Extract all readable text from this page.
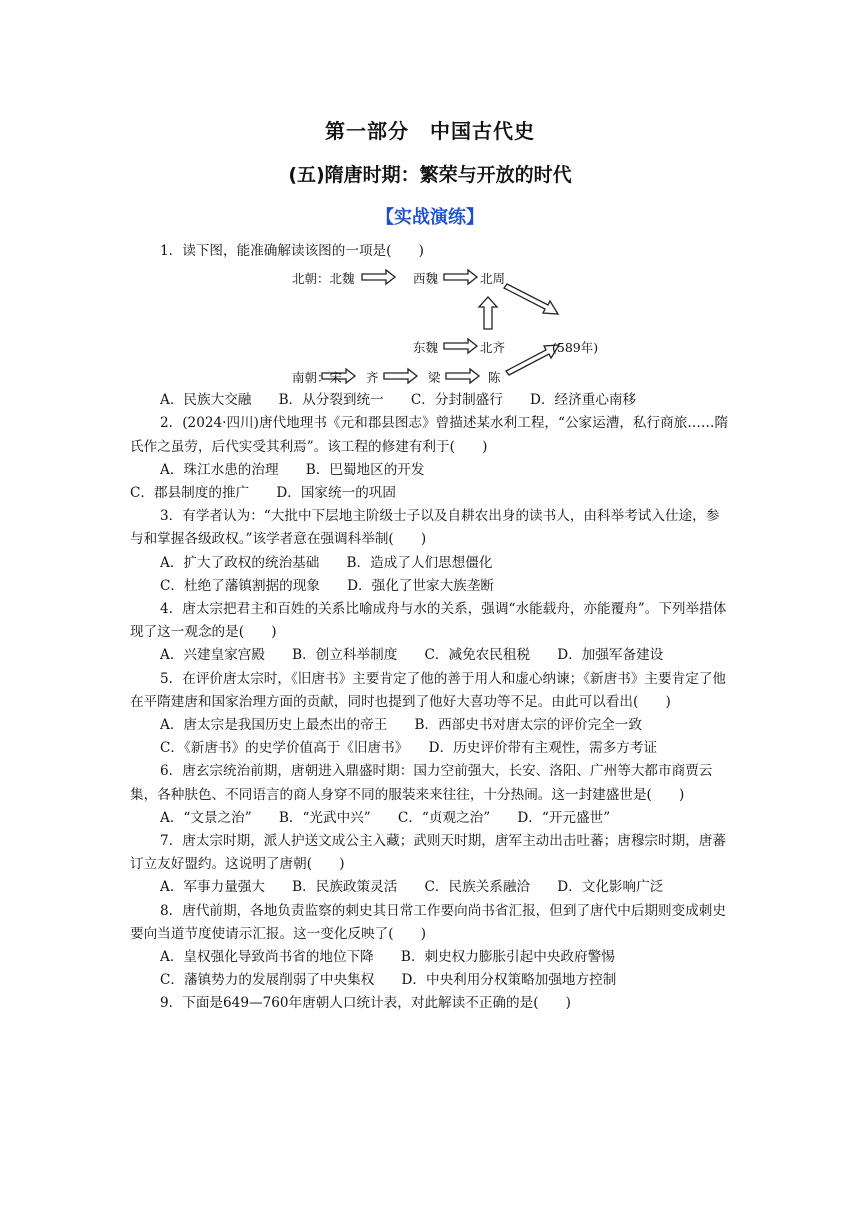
第一部分　中国古代史
(五)隋唐时期：繁荣与开放的时代
【实战演练】

1．读下图，能准确解读该图的一项是(　　)

北朝：北魏	西魏	北周
东魏	北齐	(589年)
南朝：宋 齐	梁	陈

A．民族大交融　　B．从分裂到统一　　C．分封制盛行　　D．经济重心南移

2．(2024·四川)唐代地理书《元和郡县图志》曾描述某水利工程，“公家运漕，私行商旅……隋氏作之虽劳，后代实受其利焉”。该工程的修建有利于(　　)

A．珠江水患的治理　　B．巴蜀地区的开发

C．郡县制度的推广　　D．国家统一的巩固

3．有学者认为：“大批中下层地主阶级士子以及自耕农出身的读书人，由科举考试入仕途，参与和掌握各级政权。”该学者意在强调科举制(　　)

A．扩大了政权的统治基础　　B．造成了人们思想僵化

C．杜绝了藩镇割据的现象　　D．强化了世家大族垄断

4．唐太宗把君主和百姓的关系比喻成舟与水的关系，强调“水能载舟，亦能覆舟”。下列举措体现了这一观念的是(　　)

A．兴建皇家宫殿　　B．创立科举制度　　C．减免农民租税　　D．加强军备建设

5．在评价唐太宗时，《旧唐书》主要肯定了他的善于用人和虚心纳谏；《新唐书》主要肯定了他在平隋建唐和国家治理方面的贡献，同时也提到了他好大喜功等不足。由此可以看出(　　)

A．唐太宗是我国历史上最杰出的帝王　　B．西部史书对唐太宗的评价完全一致

C．《新唐书》的史学价值高于《旧唐书》　　D．历史评价带有主观性，需多方考证

6．唐玄宗统治前期，唐朝进入鼎盛时期：国力空前强大，长安、洛阳、广州等大都市商贾云集，各种肤色、不同语言的商人身穿不同的服装来来往往，十分热闹。这一封建盛世是(　　)

A．“文景之治”　　B．“光武中兴”　　C．“贞观之治”　　D．“开元盛世”

7．唐太宗时期，派人护送文成公主入藏；武则天时期，唐军主动出击吐蕃；唐穆宗时期，唐蕃订立友好盟约。这说明了唐朝(　　)

A．军事力量强大　　B．民族政策灵活　　C．民族关系融洽　　D．文化影响广泛

8．唐代前期，各地负责监察的刺史其日常工作要向尚书省汇报，但到了唐代中后期则变成刺史要向当道节度使请示汇报。这一变化反映了(　　)

A．皇权强化导致尚书省的地位下降　　B．刺史权力膨胀引起中央政府警惕

C．藩镇势力的发展削弱了中央集权　　D．中央利用分权策略加强地方控制

9．下面是649—760年唐朝人口统计表，对此解读不正确的是(　　)
